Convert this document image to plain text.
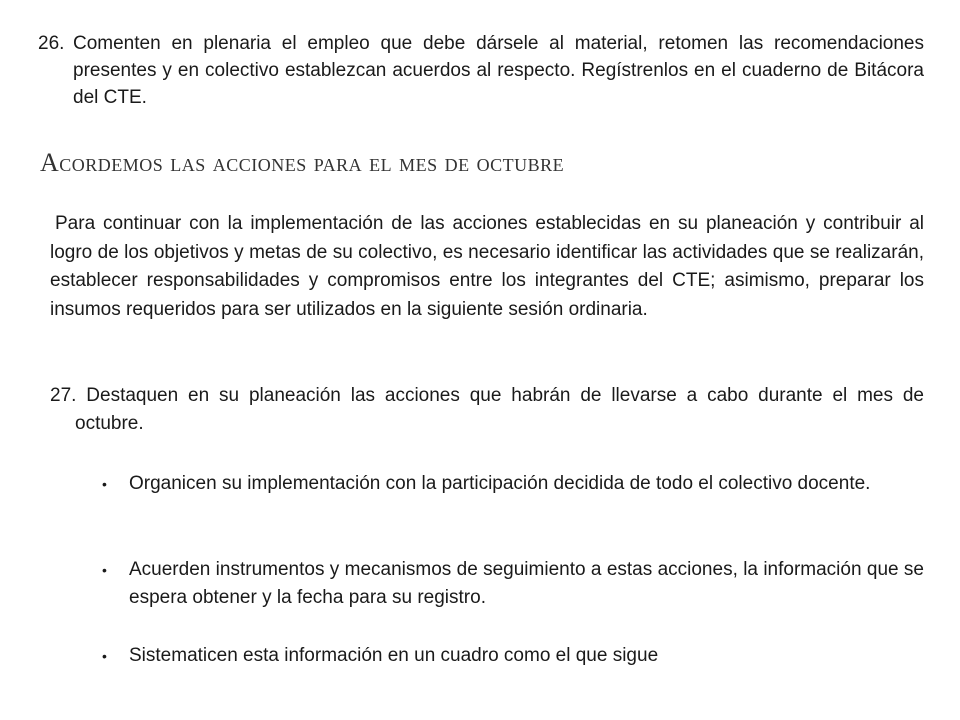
26. Comenten en plenaria el empleo que debe dársele al material, retomen las recomendaciones presentes y en colectivo establezcan acuerdos al respecto. Regístrenlos en el cuaderno de Bitácora del CTE.
Acordemos las acciones para el mes de octubre
Para continuar con la implementación de las acciones establecidas en su planeación y contribuir al logro de los objetivos y metas de su colectivo, es necesario identificar las actividades que se realizarán, establecer responsabilidades y compromisos entre los integrantes del CTE; asimismo, preparar los insumos requeridos para ser utilizados en la siguiente sesión ordinaria.
27. Destaquen en su planeación las acciones que habrán de llevarse a cabo durante el mes de octubre.
• Organicen su implementación con la participación decidida de todo el colectivo docente.
• Acuerden instrumentos y mecanismos de seguimiento a estas acciones, la información que se espera obtener y la fecha para su registro.
• Sistematicen esta información en un cuadro como el que sigue
